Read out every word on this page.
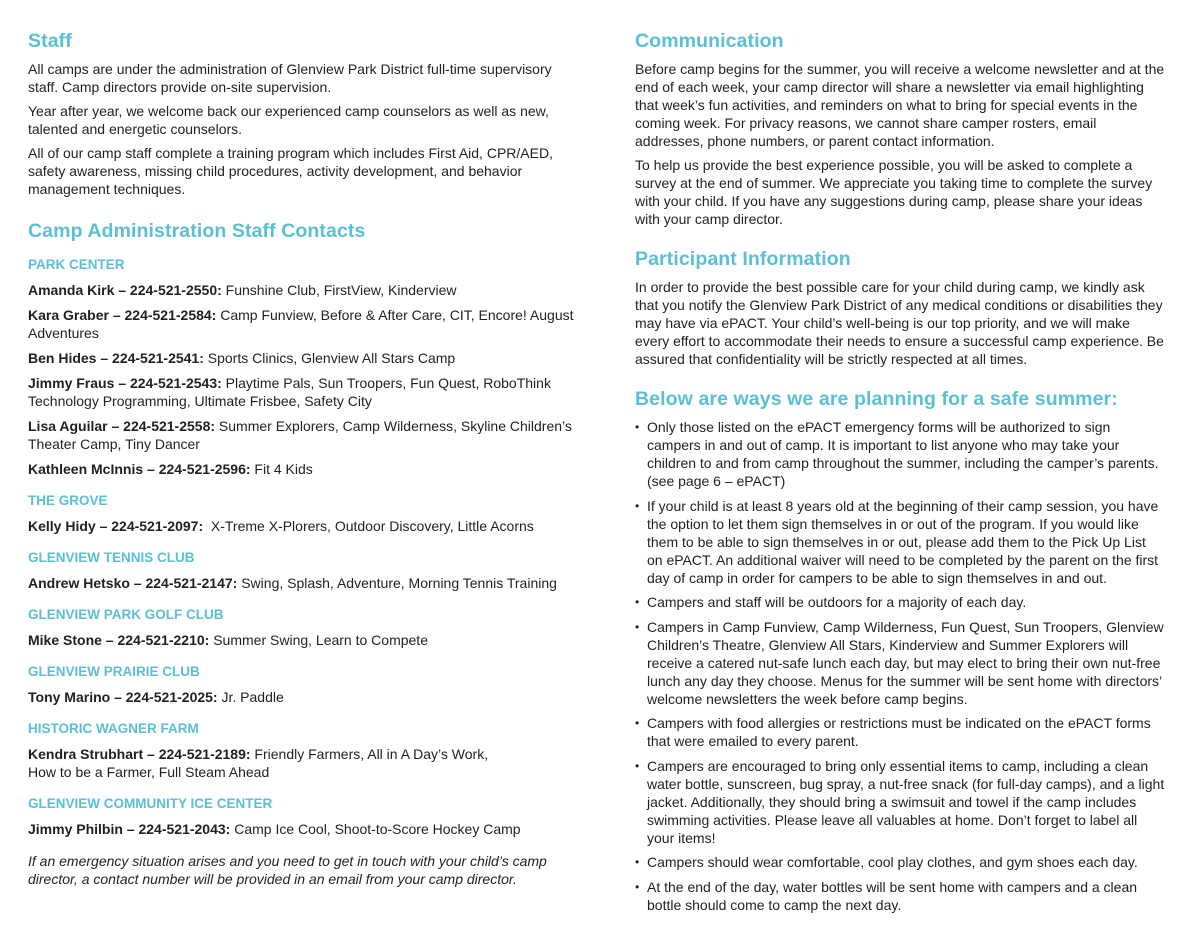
Staff

All camps are under the administration of Glenview Park District full-time supervisory staff. Camp directors provide on-site supervision.

Year after year, we welcome back our experienced camp counselors as well as new, talented and energetic counselors.

All of our camp staff complete a training program which includes First Aid, CPR/AED, safety awareness, missing child procedures, activity development, and behavior management techniques.

Camp Administration Staff Contacts

PARK CENTER

Amanda Kirk – 224-521-2550: Funshine Club, FirstView, Kinderview

Kara Graber – 224-521-2584: Camp Funview, Before & After Care, CIT, Encore! August Adventures

Ben Hides – 224-521-2541: Sports Clinics, Glenview All Stars Camp

Jimmy Fraus – 224-521-2543: Playtime Pals, Sun Troopers, Fun Quest, RoboThink Technology Programming, Ultimate Frisbee, Safety City

Lisa Aguilar – 224-521-2558: Summer Explorers, Camp Wilderness, Skyline Children’s Theater Camp, Tiny Dancer

Kathleen McInnis – 224-521-2596: Fit 4 Kids

THE GROVE

Kelly Hidy – 224-521-2097:  X-Treme X-Plorers, Outdoor Discovery, Little Acorns

GLENVIEW TENNIS CLUB

Andrew Hetsko – 224-521-2147: Swing, Splash, Adventure, Morning Tennis Training

GLENVIEW PARK GOLF CLUB

Mike Stone – 224-521-2210: Summer Swing, Learn to Compete

GLENVIEW PRAIRIE CLUB

Tony Marino – 224-521-2025: Jr. Paddle

HISTORIC WAGNER FARM

Kendra Strubhart – 224-521-2189: Friendly Farmers, All in A Day’s Work,
How to be a Farmer, Full Steam Ahead

GLENVIEW COMMUNITY ICE CENTER

Jimmy Philbin – 224-521-2043: Camp Ice Cool, Shoot-to-Score Hockey Camp

If an emergency situation arises and you need to get in touch with your child’s camp director, a contact number will be provided in an email from your camp director.

Communication

Before camp begins for the summer, you will receive a welcome newsletter and at the end of each week, your camp director will share a newsletter via email highlighting that week’s fun activities, and reminders on what to bring for special events in the coming week. For privacy reasons, we cannot share camper rosters, email addresses, phone numbers, or parent contact information.

To help us provide the best experience possible, you will be asked to complete a survey at the end of summer. We appreciate you taking time to complete the survey with your child. If you have any suggestions during camp, please share your ideas with your camp director.

Participant Information

In order to provide the best possible care for your child during camp, we kindly ask that you notify the Glenview Park District of any medical conditions or disabilities they may have via ePACT. Your child’s well-being is our top priority, and we will make every effort to accommodate their needs to ensure a successful camp experience. Be assured that confidentiality will be strictly respected at all times.

Below are ways we are planning for a safe summer:
• Only those listed on the ePACT emergency forms will be authorized to sign campers in and out of camp. It is important to list anyone who may take your children to and from camp throughout the summer, including the camper’s parents. (see page 6 – ePACT)
• If your child is at least 8 years old at the beginning of their camp session, you have the option to let them sign themselves in or out of the program. If you would like them to be able to sign themselves in or out, please add them to the Pick Up List on ePACT. An additional waiver will need to be completed by the parent on the first day of camp in order for campers to be able to sign themselves in and out.
• Campers and staff will be outdoors for a majority of each day.
• Campers in Camp Funview, Camp Wilderness, Fun Quest, Sun Troopers, Glenview Children’s Theatre, Glenview All Stars, Kinderview and Summer Explorers will receive a catered nut-safe lunch each day, but may elect to bring their own nut-free lunch any day they choose. Menus for the summer will be sent home with directors’ welcome newsletters the week before camp begins.
• Campers with food allergies or restrictions must be indicated on the ePACT forms that were emailed to every parent.
• Campers are encouraged to bring only essential items to camp, including a clean water bottle, sunscreen, bug spray, a nut-free snack (for full-day camps), and a light jacket. Additionally, they should bring a swimsuit and towel if the camp includes swimming activities. Please leave all valuables at home. Don’t forget to label all your items!
• Campers should wear comfortable, cool play clothes, and gym shoes each day.
• At the end of the day, water bottles will be sent home with campers and a clean bottle should come to camp the next day.
